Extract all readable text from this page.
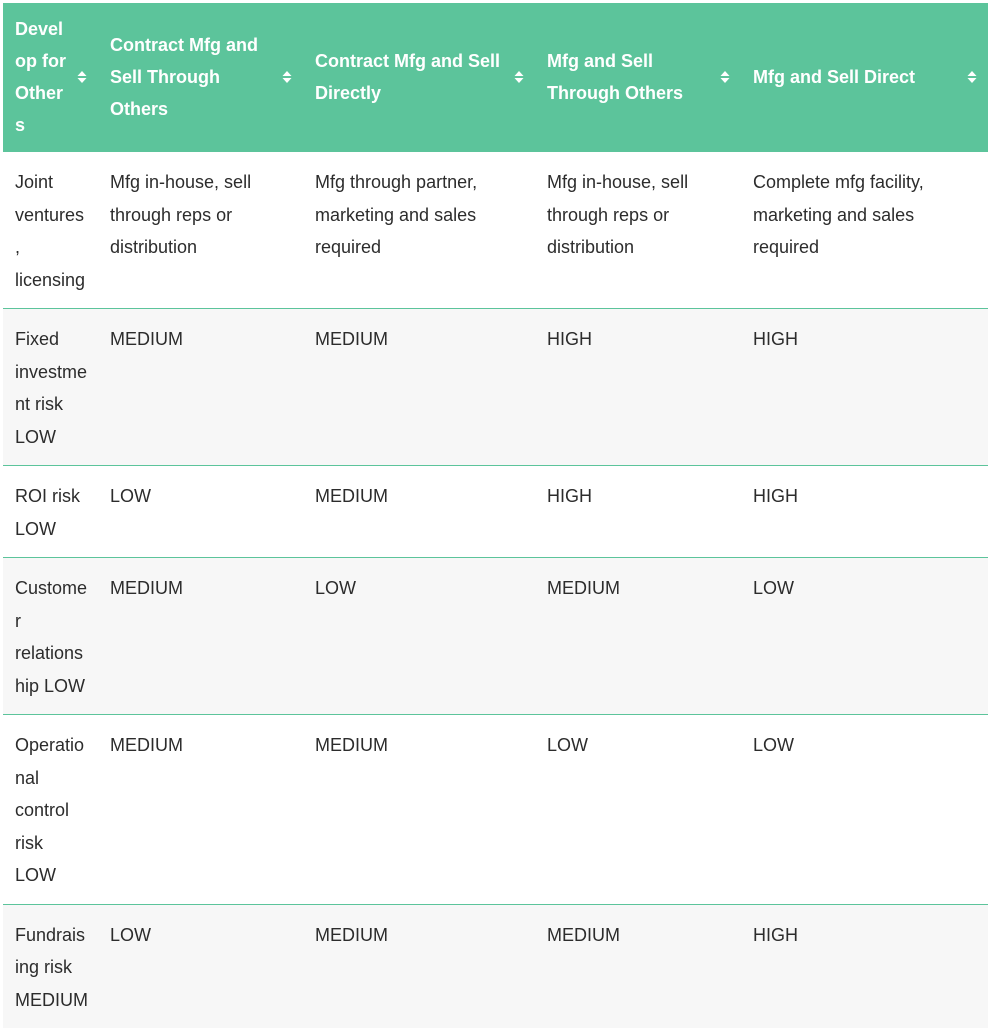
Develop for Others	Contract Mfg and Sell Through Others	Contract Mfg and Sell Directly	Mfg and Sell Through Others	Mfg and Sell Direct

Joint ventures, licensing	Mfg in-house, sell through reps or distribution	Mfg through partner, marketing and sales required	Mfg in-house, sell through reps or distribution	Complete mfg facility, marketing and sales required
Fixed investment risk LOW	MEDIUM	MEDIUM	HIGH	HIGH
ROI risk LOW	LOW	MEDIUM	HIGH	HIGH
Customer relationship LOW	MEDIUM	LOW	MEDIUM	LOW
Operational control risk LOW	MEDIUM	MEDIUM	LOW	LOW
Fundraising risk MEDIUM	LOW	MEDIUM	MEDIUM	HIGH
